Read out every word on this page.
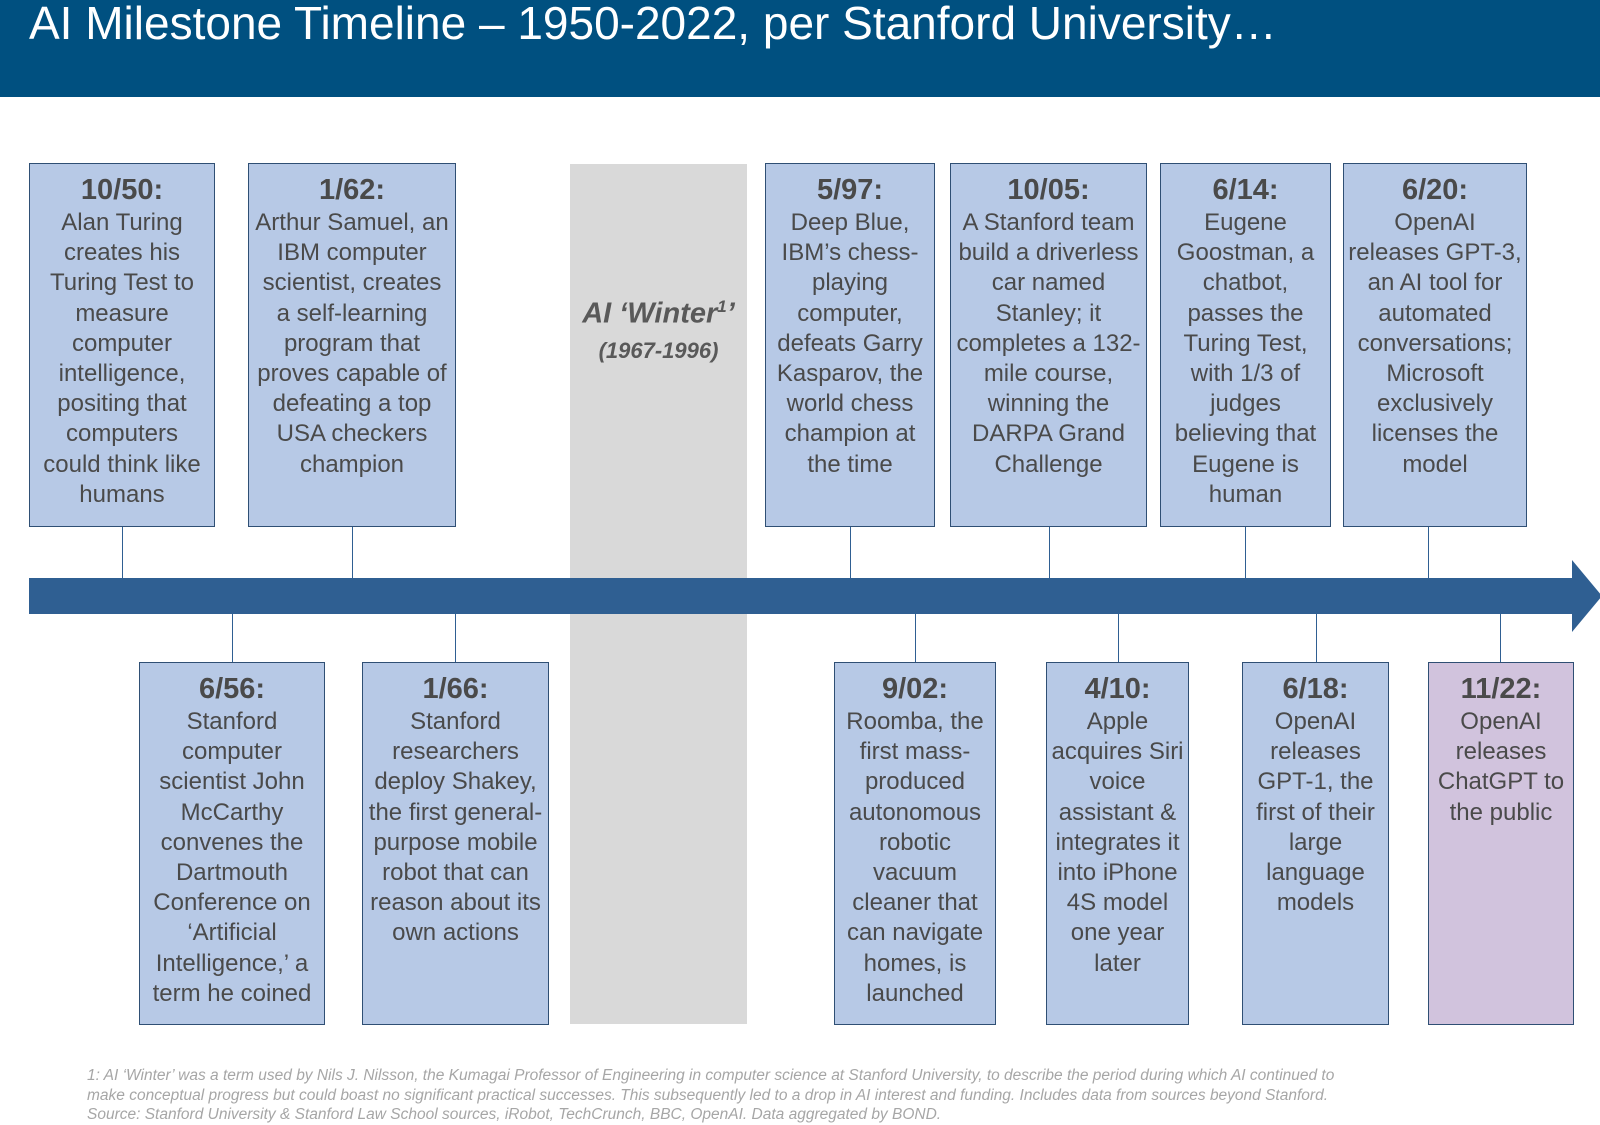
AI Milestone Timeline – 1950-2022, per Stanford University…
AI ‘Winter$^1$’
(1967-1996)
10/50:
Alan Turing creates his Turing Test to measure computer intelligence, positing that computers could think like humans
1/62:
Arthur Samuel, an IBM computer scientist, creates a self-learning program that proves capable of defeating a top USA checkers champion
5/97:
Deep Blue, IBM’s chess-playing computer, defeats Garry Kasparov, the world chess champion at the time
10/05:
A Stanford team build a driverless car named Stanley; it completes a 132-mile course, winning the DARPA Grand Challenge
6/14:
Eugene Goostman, a chatbot, passes the Turing Test, with 1/3 of judges believing that Eugene is human
6/20:
OpenAI releases GPT-3, an AI tool for automated conversations; Microsoft exclusively licenses the model
6/56:
Stanford computer scientist John McCarthy convenes the Dartmouth Conference on ‘Artificial Intelligence,’ a term he coined
1/66:
Stanford researchers deploy Shakey, the first general-purpose mobile robot that can reason about its own actions
9/02:
Roomba, the first mass-produced autonomous robotic vacuum cleaner that can navigate homes, is launched
4/10:
Apple acquires Siri voice assistant & integrates it into iPhone 4S model one year later
6/18:
OpenAI releases GPT-1, the first of their large language models
11/22:
OpenAI releases ChatGPT to the public

1: AI ‘Winter’ was a term used by Nils J. Nilsson, the Kumagai Professor of Engineering in computer science at Stanford University, to describe the period during which AI continued to

make conceptual progress but could boast no significant practical successes. This subsequently led to a drop in AI interest and funding. Includes data from sources beyond Stanford.

Source: Stanford University & Stanford Law School sources, iRobot, TechCrunch, BBC, OpenAI. Data aggregated by BOND.
